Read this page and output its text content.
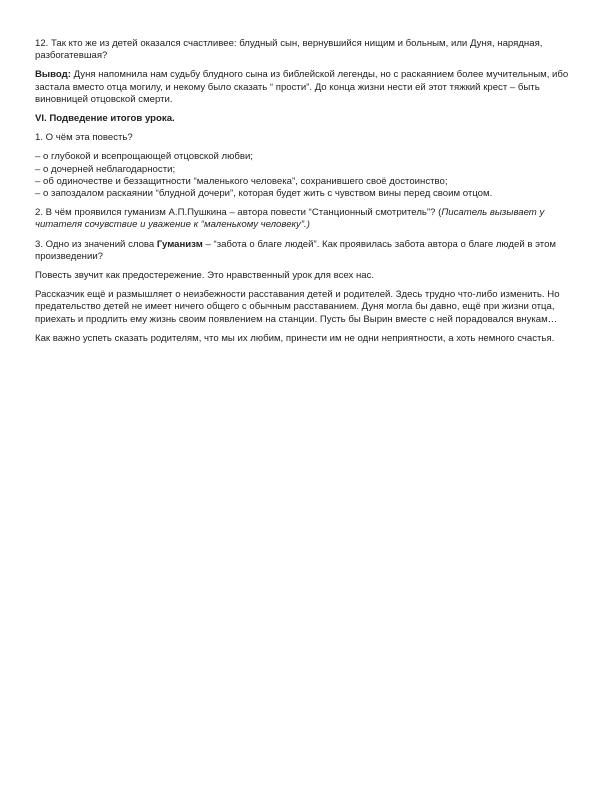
12. Так кто же из детей оказался счастливее: блудный сын, вернувшийся нищим и больным, или Дуня, нарядная, разбогатевшая?

Вывод: Дуня напомнила нам судьбу блудного сына из библейской легенды, но с раскаянием более мучительным, ибо застала вместо отца могилу, и некому было сказать “ прости”. До конца жизни нести ей этот тяжкий крест – быть виновницей отцовской смерти.

VI. Подведение итогов урока.

1. О чём эта повесть?

– о глубокой и всепрощающей отцовской любви;
– о дочерней неблагодарности;
– об одиночестве и беззащитности “маленького человека”, сохранившего своё достоинство;
– о запоздалом раскаянии “блудной дочери”, которая будет жить с чувством вины перед своим отцом.

2. В чём проявился гуманизм А.П.Пушкина – автора повести “Станционный смотритель”? (Писатель вызывает у читателя сочувствие и уважение к “маленькому человеку”.)

3. Одно из значений слова Гуманизм – “забота о благе людей”. Как проявилась забота автора о благе людей в этом произведении?

Повесть звучит как предостережение. Это нравственный урок для всех нас.

Рассказчик ещё и размышляет о неизбежности расставания детей и родителей. Здесь трудно что-либо изменить. Но предательство детей не имеет ничего общего с обычным расставанием. Дуня могла бы давно, ещё при жизни отца, приехать и продлить ему жизнь своим появлением на станции. Пусть бы Вырин вместе с ней порадовался внукам…

Как важно успеть сказать родителям, что мы их любим, принести им не одни неприятности, а хоть немного счастья.
